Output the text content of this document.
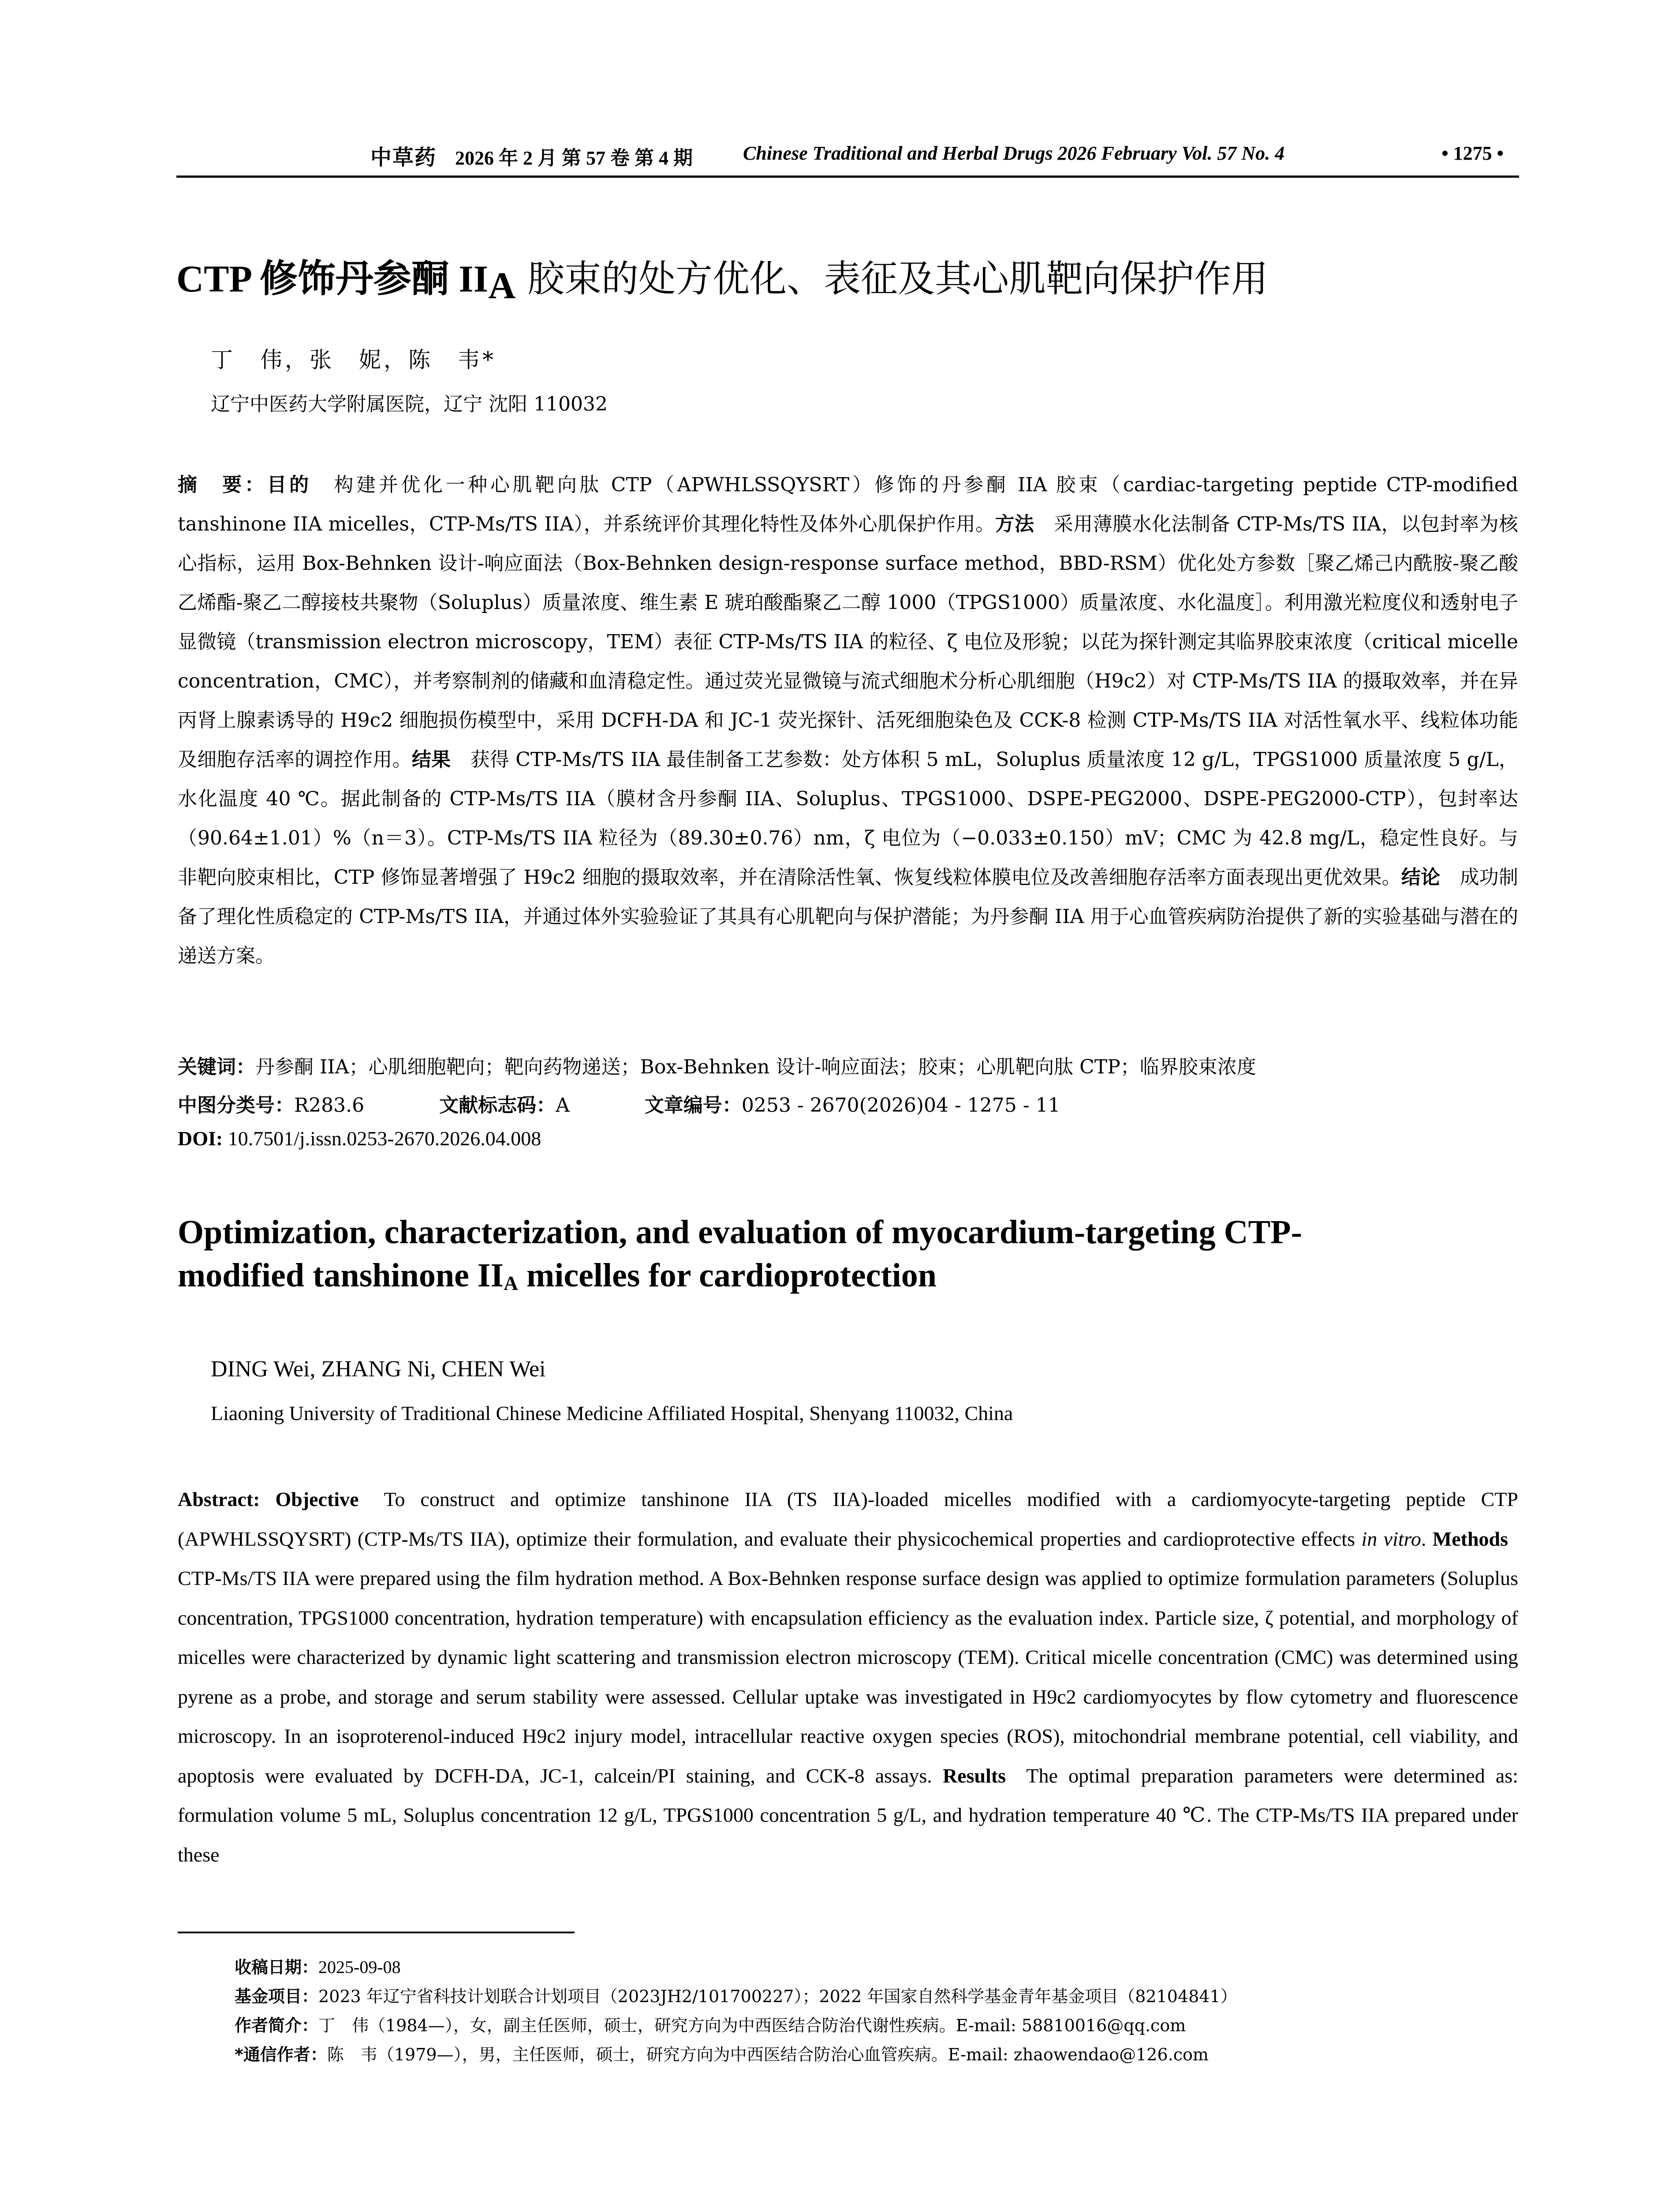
中草药 2026 年 2 月 第 57 卷 第 4 期	Chinese Traditional and Herbal Drugs 2026 February Vol. 57 No. 4	• 1275 •
CTP 修饰丹参酮 $II_A$ 胶束的处方优化、表征及其心肌靶向保护作用
丁　伟，张　妮，陈　韦*
辽宁中医药大学附属医院，辽宁 沈阳 110032
摘　要：目的  构建并优化一种心肌靶向肽 CTP（APWHLSSQYSRT）修饰的丹参酮 IIA 胶束（cardiac-targeting peptide CTP-modified tanshinone IIA micelles，CTP-Ms/TS IIA），并系统评价其理化特性及体外心肌保护作用。方法  采用薄膜水化法制备 CTP-Ms/TS IIA，以包封率为核心指标，运用 Box-Behnken 设计-响应面法（Box-Behnken design-response surface method，BBD-RSM）优化处方参数［聚乙烯己内酰胺-聚乙酸乙烯酯-聚乙二醇接枝共聚物（Soluplus）质量浓度、维生素 E 琥珀酸酯聚乙二醇 1000（TPGS1000）质量浓度、水化温度］。利用激光粒度仪和透射电子显微镜（transmission electron microscopy，TEM）表征 CTP-Ms/TS IIA 的粒径、ζ 电位及形貌；以芘为探针测定其临界胶束浓度（critical micelle concentration，CMC），并考察制剂的储藏和血清稳定性。通过荧光显微镜与流式细胞术分析心肌细胞（H9c2）对 CTP-Ms/TS IIA 的摄取效率，并在异丙肾上腺素诱导的 H9c2 细胞损伤模型中，采用 DCFH-DA 和 JC-1 荧光探针、活死细胞染色及 CCK-8 检测 CTP-Ms/TS IIA 对活性氧水平、线粒体功能及细胞存活率的调控作用。结果  获得 CTP-Ms/TS IIA 最佳制备工艺参数：处方体积 5 mL，Soluplus 质量浓度 12 g/L，TPGS1000 质量浓度 5 g/L，水化温度 40 ℃。据此制备的 CTP-Ms/TS IIA（膜材含丹参酮 IIA、Soluplus、TPGS1000、DSPE-PEG2000、DSPE-PEG2000-CTP），包封率达（90.64±1.01）%（n＝3）。CTP-Ms/TS IIA 粒径为（89.30±0.76）nm，ζ 电位为（−0.033±0.150）mV；CMC 为 42.8 mg/L，稳定性良好。与非靶向胶束相比，CTP 修饰显著增强了 H9c2 细胞的摄取效率，并在清除活性氧、恢复线粒体膜电位及改善细胞存活率方面表现出更优效果。结论  成功制备了理化性质稳定的 CTP-Ms/TS IIA，并通过体外实验验证了其具有心肌靶向与保护潜能；为丹参酮 IIA 用于心血管疾病防治提供了新的实验基础与潜在的递送方案。
关键词：丹参酮 IIA；心肌细胞靶向；靶向药物递送；Box-Behnken 设计-响应面法；胶束；心肌靶向肽 CTP；临界胶束浓度
中图分类号：R283.6	文献标志码：A	文章编号：0253 - 2670(2026)04 - 1275 - 11
DOI: 10.7501/j.issn.0253-2670.2026.04.008
Optimization, characterization, and evaluation of myocardium-targeting CTP-
modified tanshinone $II_A$ micelles for cardioprotection
DING Wei, ZHANG Ni, CHEN Wei
Liaoning University of Traditional Chinese Medicine Affiliated Hospital, Shenyang 110032, China
Abstract: Objective  To construct and optimize tanshinone IIA (TS IIA)-loaded micelles modified with a cardiomyocyte-targeting peptide CTP (APWHLSSQYSRT) (CTP-Ms/TS IIA), optimize their formulation, and evaluate their physicochemical properties and cardioprotective effects in vitro. Methods  CTP-Ms/TS IIA were prepared using the film hydration method. A Box-Behnken response surface design was applied to optimize formulation parameters (Soluplus concentration, TPGS1000 concentration, hydration temperature) with encapsulation efficiency as the evaluation index. Particle size, ζ potential, and morphology of micelles were characterized by dynamic light scattering and transmission electron microscopy (TEM). Critical micelle concentration (CMC) was determined using pyrene as a probe, and storage and serum stability were assessed. Cellular uptake was investigated in H9c2 cardiomyocytes by flow cytometry and fluorescence microscopy. In an isoproterenol-induced H9c2 injury model, intracellular reactive oxygen species (ROS), mitochondrial membrane potential, cell viability, and apoptosis were evaluated by DCFH-DA, JC-1, calcein/PI staining, and CCK-8 assays. Results  The optimal preparation parameters were determined as: formulation volume 5 mL, Soluplus concentration 12 g/L, TPGS1000 concentration 5 g/L, and hydration temperature 40 ℃. The CTP-Ms/TS IIA prepared under these
收稿日期：2025-09-08
基金项目：2023 年辽宁省科技计划联合计划项目（2023JH2/101700227）；2022 年国家自然科学基金青年基金项目（82104841）
作者简介：丁　伟（1984—），女，副主任医师，硕士，研究方向为中西医结合防治代谢性疾病。E-mail: 58810016@qq.com
*通信作者：陈　韦（1979—），男，主任医师，硕士，研究方向为中西医结合防治心血管疾病。E-mail: zhaowendao@126.com
